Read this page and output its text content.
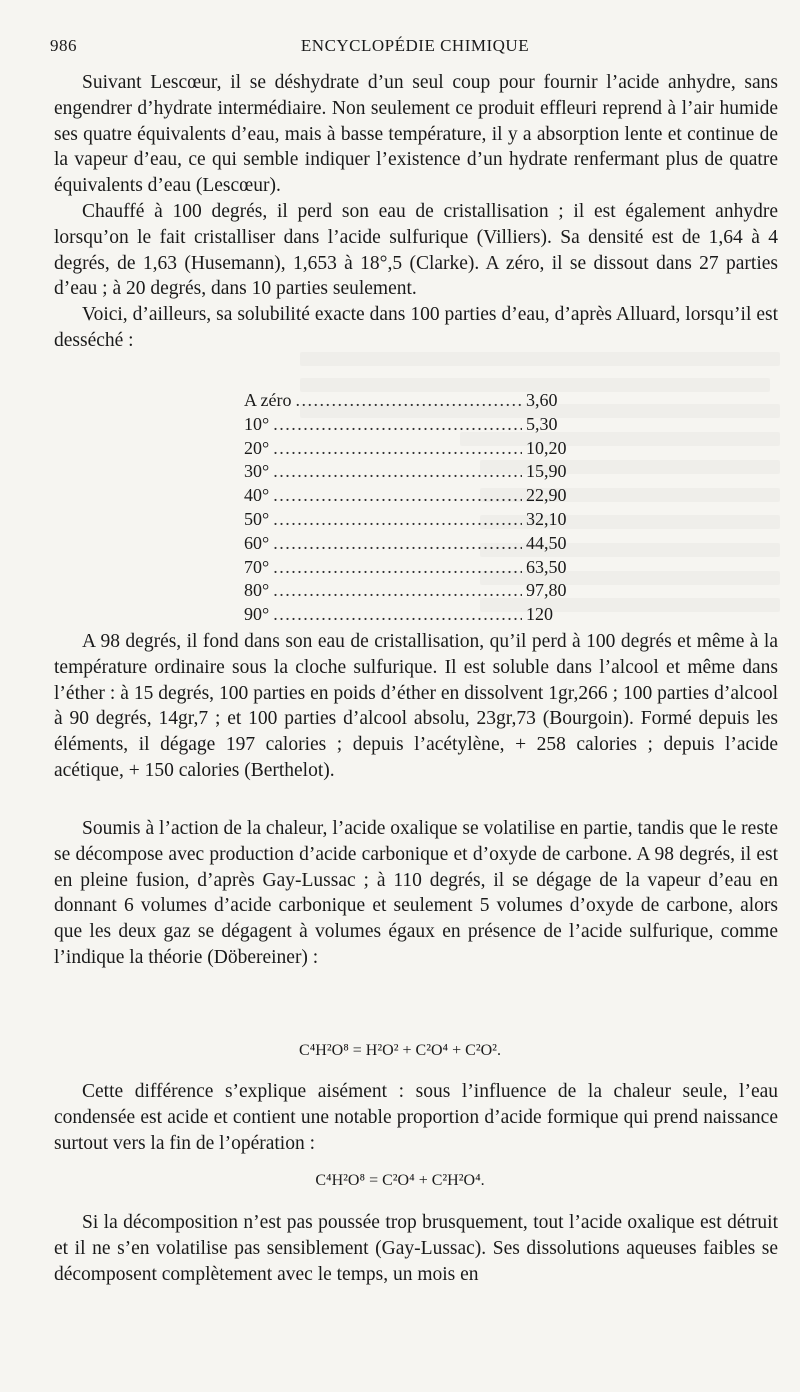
986	ENCYCLOPÉDIE CHIMIQUE

Suivant Lescœur, il se déshydrate d’un seul coup pour fournir l’acide anhydre, sans engendrer d’hydrate intermédiaire. Non seulement ce produit effleuri reprend à l’air humide ses quatre équivalents d’eau, mais à basse température, il y a absorption lente et continue de la vapeur d’eau, ce qui semble indiquer l’existence d’un hydrate renfermant plus de quatre équivalents d’eau (Lescœur).

Chauffé à 100 degrés, il perd son eau de cristallisation ; il est également anhydre lorsqu’on le fait cristalliser dans l’acide sulfurique (Villiers). Sa densité est de 1,64 à 4 degrés, de 1,63 (Husemann), 1,653 à 18°,5 (Clarke). A zéro, il se dissout dans 27 parties d’eau ; à 20 degrés, dans 10 parties seulement.

Voici, d’ailleurs, sa solubilité exacte dans 100 parties d’eau, d’après Alluard, lorsqu’il est desséché :

A zéro .....	3,60
10° .....	5,30
20° .....	10,20
30° .....	15,90
40° .....	22,90
50° .....	32,10
60° .....	44,50
70° .....	63,50
80° .....	97,80
90° .....	120

A 98 degrés, il fond dans son eau de cristallisation, qu’il perd à 100 degrés et même à la température ordinaire sous la cloche sulfurique. Il est soluble dans l’alcool et même dans l’éther : à 15 degrés, 100 parties en poids d’éther en dissolvent 1gr,266 ; 100 parties d’alcool à 90 degrés, 14gr,7 ; et 100 parties d’alcool absolu, 23gr,73 (Bourgoin). Formé depuis les éléments, il dégage 197 calories ; depuis l’acétylène, + 258 calories ; depuis l’acide acétique, + 150 calories (Berthelot).

Soumis à l’action de la chaleur, l’acide oxalique se volatilise en partie, tandis que le reste se décompose avec production d’acide carbonique et d’oxyde de carbone. A 98 degrés, il est en pleine fusion, d’après Gay-Lussac ; à 110 degrés, il se dégage de la vapeur d’eau en donnant 6 volumes d’acide carbonique et seulement 5 volumes d’oxyde de carbone, alors que les deux gaz se dégagent à volumes égaux en présence de l’acide sulfurique, comme l’indique la théorie (Döbereiner) :

C⁴H²O⁸ = H²O² + C²O⁴ + C²O².

Cette différence s’explique aisément : sous l’influence de la chaleur seule, l’eau condensée est acide et contient une notable proportion d’acide formique qui prend naissance surtout vers la fin de l’opération :

C⁴H²O⁸ = C²O⁴ + C²H²O⁴.

Si la décomposition n’est pas poussée trop brusquement, tout l’acide oxalique est détruit et il ne s’en volatilise pas sensiblement (Gay-Lussac). Ses dissolutions aqueuses faibles se décomposent complètement avec le temps, un mois en
